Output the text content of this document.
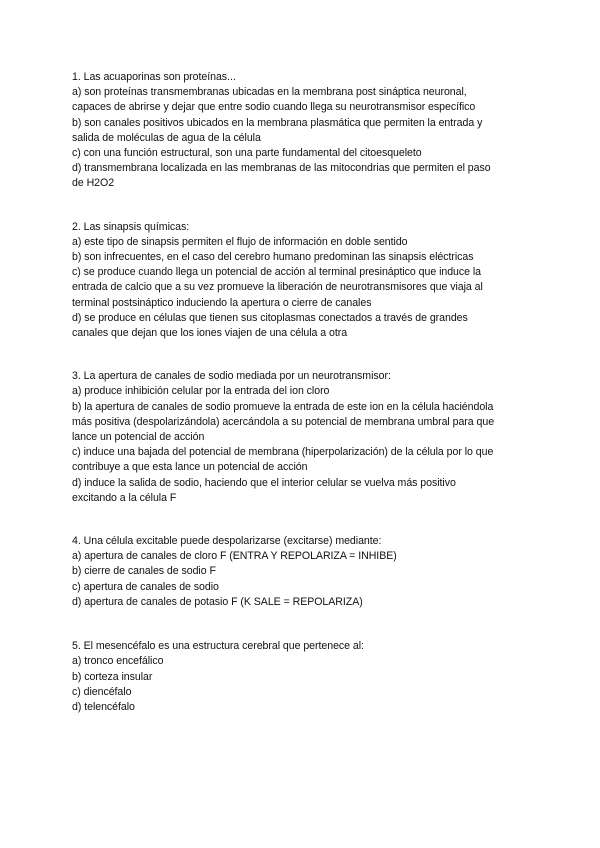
1. Las acuaporinas son proteínas...
a) son proteínas transmembranas ubicadas en la membrana post sináptica neuronal,
capaces de abrirse y dejar que entre sodio cuando llega su neurotransmisor específico
b) son canales positivos ubicados en la membrana plasmática que permiten la entrada y
salida de moléculas de agua de la célula
c) con una función estructural, son una parte fundamental del citoesqueleto
d) transmembrana localizada en las membranas de las mitocondrias que permiten el paso
de H2O2
2. Las sinapsis químicas:
a) este tipo de sinapsis permiten el flujo de información en doble sentido
b) son infrecuentes, en el caso del cerebro humano predominan las sinapsis eléctricas
c) se produce cuando llega un potencial de acción al terminal presináptico que induce la
entrada de calcio que a su vez promueve la liberación de neurotransmisores que viaja al
terminal postsináptico induciendo la apertura o cierre de canales
d) se produce en células que tienen sus citoplasmas conectados a través de grandes
canales que dejan que los iones viajen de una célula a otra
3. La apertura de canales de sodio mediada por un neurotransmisor:
a) produce inhibición celular por la entrada del ion cloro
b) la apertura de canales de sodio promueve la entrada de este ion en la célula haciéndola
más positiva (despolarizándola) acercándola a su potencial de membrana umbral para que
lance un potencial de acción
c) induce una bajada del potencial de membrana (hiperpolarización) de la célula por lo que
contribuye a que esta lance un potencial de acción
d) induce la salida de sodio, haciendo que el interior celular se vuelva más positivo
excitando a la célula F
4. Una célula excitable puede despolarizarse (excitarse) mediante:
a) apertura de canales de cloro F (ENTRA Y REPOLARIZA = INHIBE)
b) cierre de canales de sodio F
c) apertura de canales de sodio
d) apertura de canales de potasio F (K SALE = REPOLARIZA)
5. El mesencéfalo es una estructura cerebral que pertenece al:
a) tronco encefálico
b) corteza insular
c) diencéfalo
d) telencéfalo
